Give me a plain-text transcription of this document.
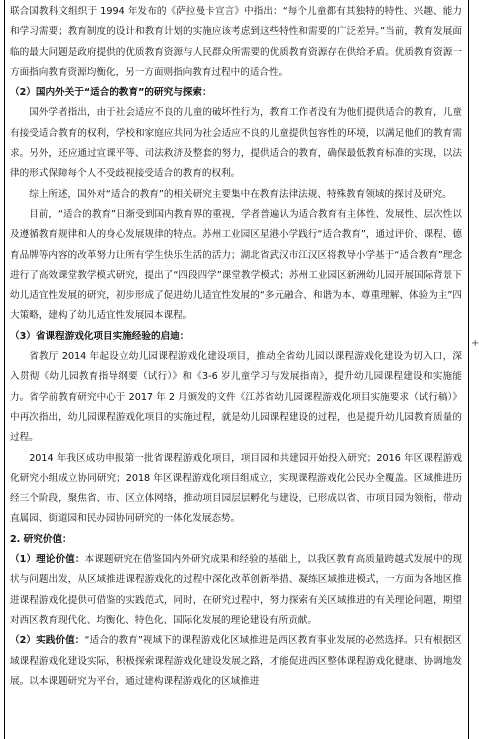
联合国教科文组织于 1994 年发布的《萨拉曼卡宣言》中指出：“每个儿童都有其独特的特性、兴趣、能力和学习需要；教育制度的设计和教育计划的实施应该考虑到这些特性和需要的广泛差异。”当前，教育发展面临的最大问题是政府提供的优质教育资源与人民群众所需要的优质教育资源存在供给矛盾。优质教育资源一方面指向教育资源均衡化，另一方面则指向教育过程中的适合性。

（2）国内外关于“适合的教育”的研究与探索：

国外学者指出，由于社会适应不良的儿童的破坏性行为，教育工作者没有为他们提供适合的教育，儿童有接受适合教育的权利，学校和家庭应共同为社会适应不良的儿童提供包容性的环境，以满足他们的教育需求。另外，还应通过宣课平等、司法救济及整套的努力，提供适合的教育，确保最低教育标准的实现，以法律的形式保障每个人不受歧视接受适合的教育的权利。

综上所述，国外对“适合的教育”的相关研究主要集中在教育法律法规、特殊教育领域的探讨及研究。

目前，“适合的教育”日渐受到国内教育界的重视，学者普遍认为适合教育有主体性、发展性、层次性以及遵循教育规律和人的身心发展规律的特点。苏州工业园区星港小学践行“适合教育”，通过评价、课程、德育品牌等内容的改革努力让所有学生快乐生活的活力；湖北省武汉市江汉区将教导小学基于“适合教育”理念进行了高效课堂教学模式研究，提出了“四段四学”课堂教学模式；苏州工业园区新洲幼儿园开展国际背景下幼儿适宜性发展的研究，初步形成了促进幼儿适宜性发展的“多元融合、和谐为本、尊重理解、体验为主”四大策略，建构了幼儿适宜性发展园本课程。

（3）省课程游戏化项目实施经验的启迪：

省教厅 2014 年起设立幼儿园课程游戏化建设项目，推动全省幼儿园以课程游戏化建设为切入口，深入贯彻《幼儿园教育指导纲要（试行）》和《3-6 岁儿童学习与发展指南》，提升幼儿园课程建设和实施能力。省学前教育研究中心于 2017 年 2 月颁发的文件《江苏省幼儿园课程游戏化项目实施要求（试行稿）》中再次指出，幼儿园课程游戏化项目的实施过程，就是幼儿园课程建设的过程，也是提升幼儿园教育质量的过程。

2014 年我区成功申报第一批省课程游戏化项目，项目园和共建园开始投入研究；2016 年区课程游戏化研究小组成立协同研究；2018 年区课程游戏化项目组成立，实现课程游戏化公民办全覆盖。区域推进历经三个阶段，聚焦省、市、区立体网络，推动项目园层层孵化与建设，已形成以省、市项目园为领衔，带动直属园、街道园和民办园协同研究的一体化发展态势。

2. 研究价值：

（1）理论价值：本课题研究在借鉴国内外研究成果和经验的基础上，以我区教育高质量跨越式发展中的现状与问题出发，从区域推进课程游戏化的过程中深化改革创新举措、凝练区域推进模式，一方面为各地区推进课程游戏化提供可借鉴的实践范式，同时，在研究过程中，努力探索有关区域推进的有关理论问题，期望对西区教育现代化、均衡化、特色化、国际化发展的理论建设有所贡献。

（2）实践价值：“适合的教育”视域下的课程游戏化区域推进是西区教育事业发展的必然选择。只有根据区域课程游戏化建设实际，积极探索课程游戏化建设发展之路，才能促进西区整体课程游戏化健康、协调地发展。以本课题研究为平台，通过建构课程游戏化的区域推进

+
